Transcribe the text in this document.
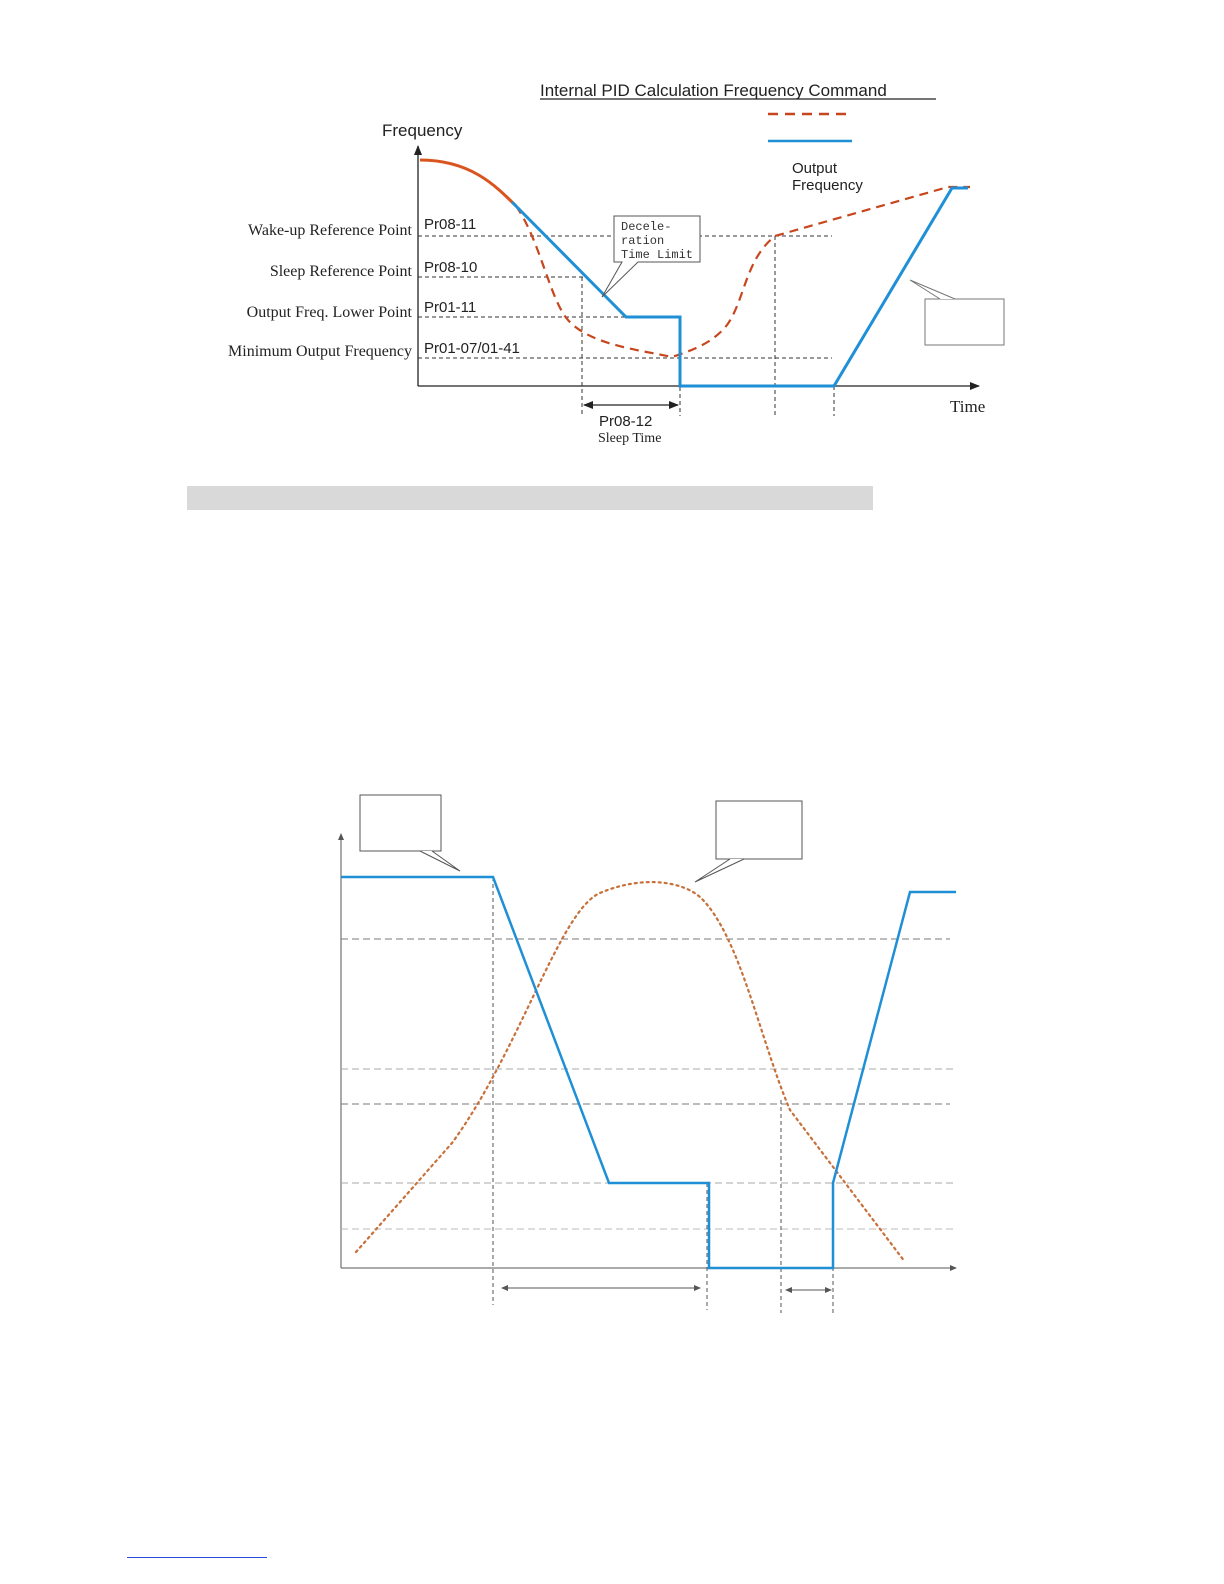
Internal PID Calculation Frequency Command
Output
Frequency
Frequency
Time
Wake-up Reference Point
Sleep Reference Point
Output Freq. Lower Point
Minimum Output Frequency
Pr08-11
Pr08-10
Pr01-11
Pr01-07/01-41
Decele-
ration
Time Limit
Pr08-12
Sleep Time
